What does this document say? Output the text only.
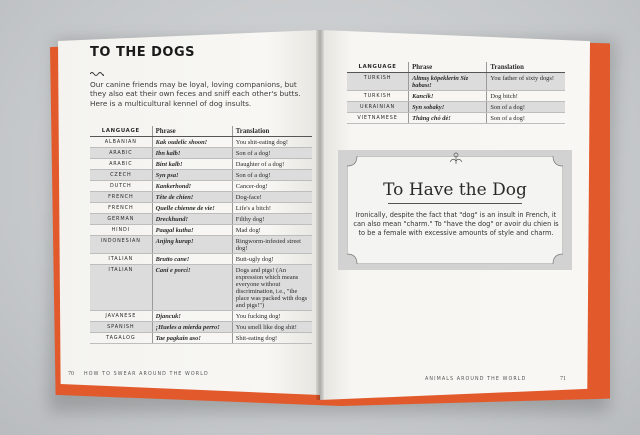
TO THE DOGS
Our canine friends may be loyal, loving companions, but they also eat their own feces and sniff each other's butts. Here is a multicultural kennel of dog insults.
LANGUAGE	Phrase	Translation
ALBANIAN	Kak oudelic shoon!	You shit-eating dog!
ARABIC	Ibn kalb!	Son of a dog!
ARABIC	Bint kalb!	Daughter of a dog!
CZECH	Syn psa!	Son of a dog!
DUTCH	Kankerhond!	Cancer-dog!
FRENCH	Tête de chien!	Dog-face!
FRENCH	Quelle chienne de vie!	Life's a bitch!
GERMAN	Dreckhund!	Filthy dog!
HINDI	Paagal kutha!	Mad dog!
INDONESIAN	Anjing kurap!	Ringworm-infested street dog!
ITALIAN	Brutto cane!	Butt-ugly dog!
ITALIAN	Cani e porci!	Dogs and pigs! (An expression which means everyone without discrimination, i.e., "the place was packed with dogs and pigs!")
JAVANESE	Djancuk!	You fucking dog!
SPANISH	¡Hueles a mierda perro!	You smell like dog shit!
TAGALOG	Tae pagkain aso!	Shit-eating dog!
70 HOW TO SWEAR AROUND THE WORLD
LANGUAGE	Phrase	Translation
TURKISH	Altmış köpeklerin Siz babası!	You father of sixty dogs!
TURKISH	Kancik!	Dog bitch!
UKRAINIAN	Syn sobaky!	Son of a dog!
VIETNAMESE	Thằng chó đẻ!	Son of a dog!
To Have the Dog
Ironically, despite the fact that "dog" is an insult in French, it can also mean "charm." To "have the dog" or avoir du chien is to be a female with excessive amounts of style and charm.
ANIMALS AROUND THE WORLD	71
